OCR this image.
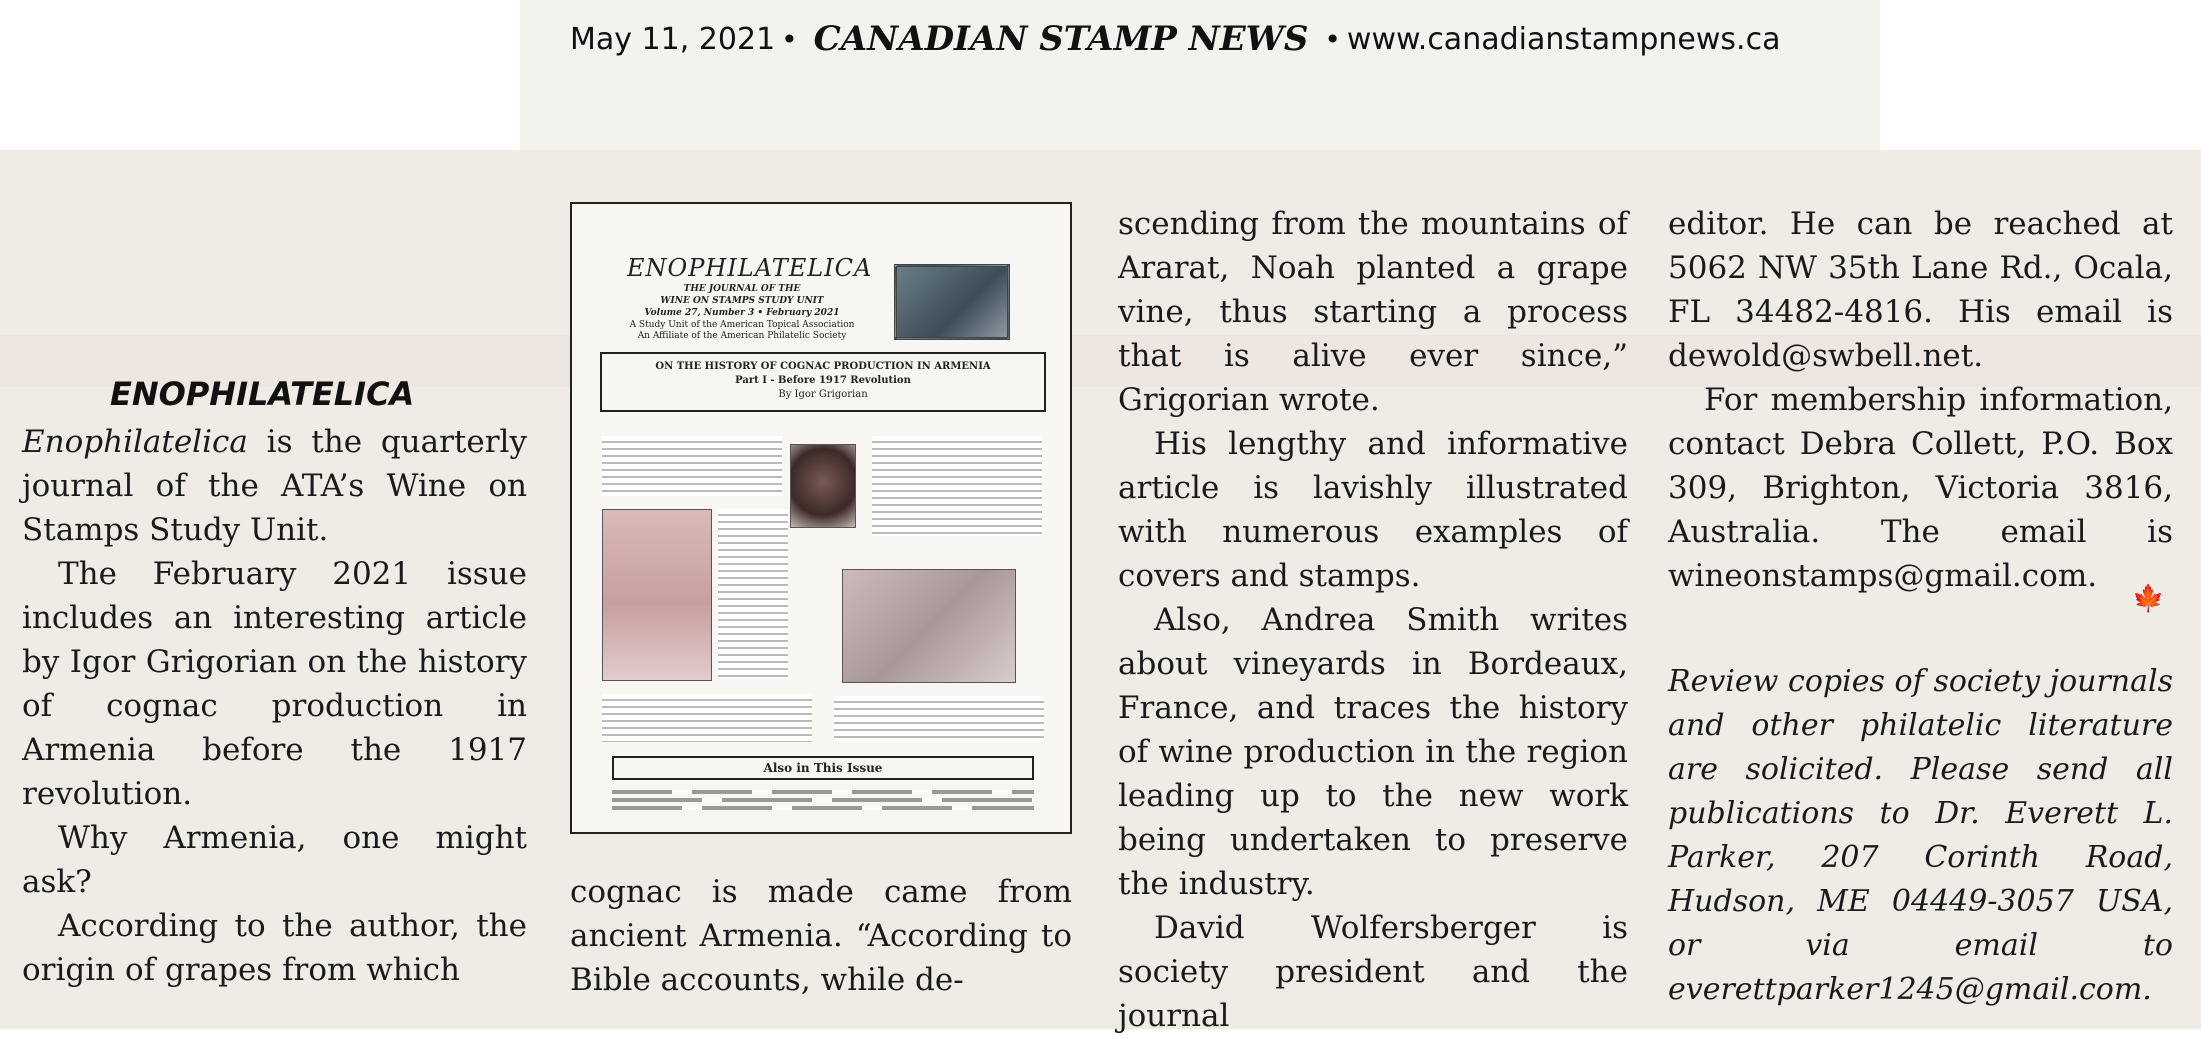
May 11, 2021 • CANADIAN STAMP NEWS • www.canadianstampnews.ca
ENOPHILATELICA

Enophilatelica is the quarterly journal of the ATA’s Wine on Stamps Study Unit.

The February 2021 issue includes an interesting article by Igor Grigorian on the history of cognac production in Armenia before the 1917 revolution.

Why Armenia, one might ask?

According to the author, the origin of grapes from which

ENOPHILATELICA
THE JOURNAL OF THE
WINE ON STAMPS STUDY UNIT
Volume 27, Number 3 • February 2021
A Study Unit of the American Topical Association
An Affiliate of the American Philatelic Society
ON THE HISTORY OF COGNAC PRODUCTION IN ARMENIA
Part I - Before 1917 Revolution
By Igor Grigorian
Also in This Issue

cognac is made came from ancient Armenia. “According to Bible accounts, while de-

scending from the mountains of Ararat, Noah planted a grape vine, thus starting a process that is alive ever since,” Grigorian wrote.

His lengthy and informative article is lavishly illustrated with numerous examples of covers and stamps.

Also, Andrea Smith writes about vineyards in Bordeaux, France, and traces the history of wine production in the region leading up to the new work being undertaken to preserve the industry.

David Wolfersberger is society president and the journal

editor. He can be reached at 5062 NW 35th Lane Rd., Ocala, FL 34482-4816. His email is dewold@swbell.net.

For membership information, contact Debra Collett, P.O. Box 309, Brighton, Victoria 3816, Australia. The email is wineonstamps@gmail.com.

🍁
Review copies of society journals and other philatelic literature are solicited. Please send all publications to Dr. Everett L. Parker, 207 Corinth Road, Hudson, ME 04449-3057 USA, or via email to everettparker1245@gmail.com.
